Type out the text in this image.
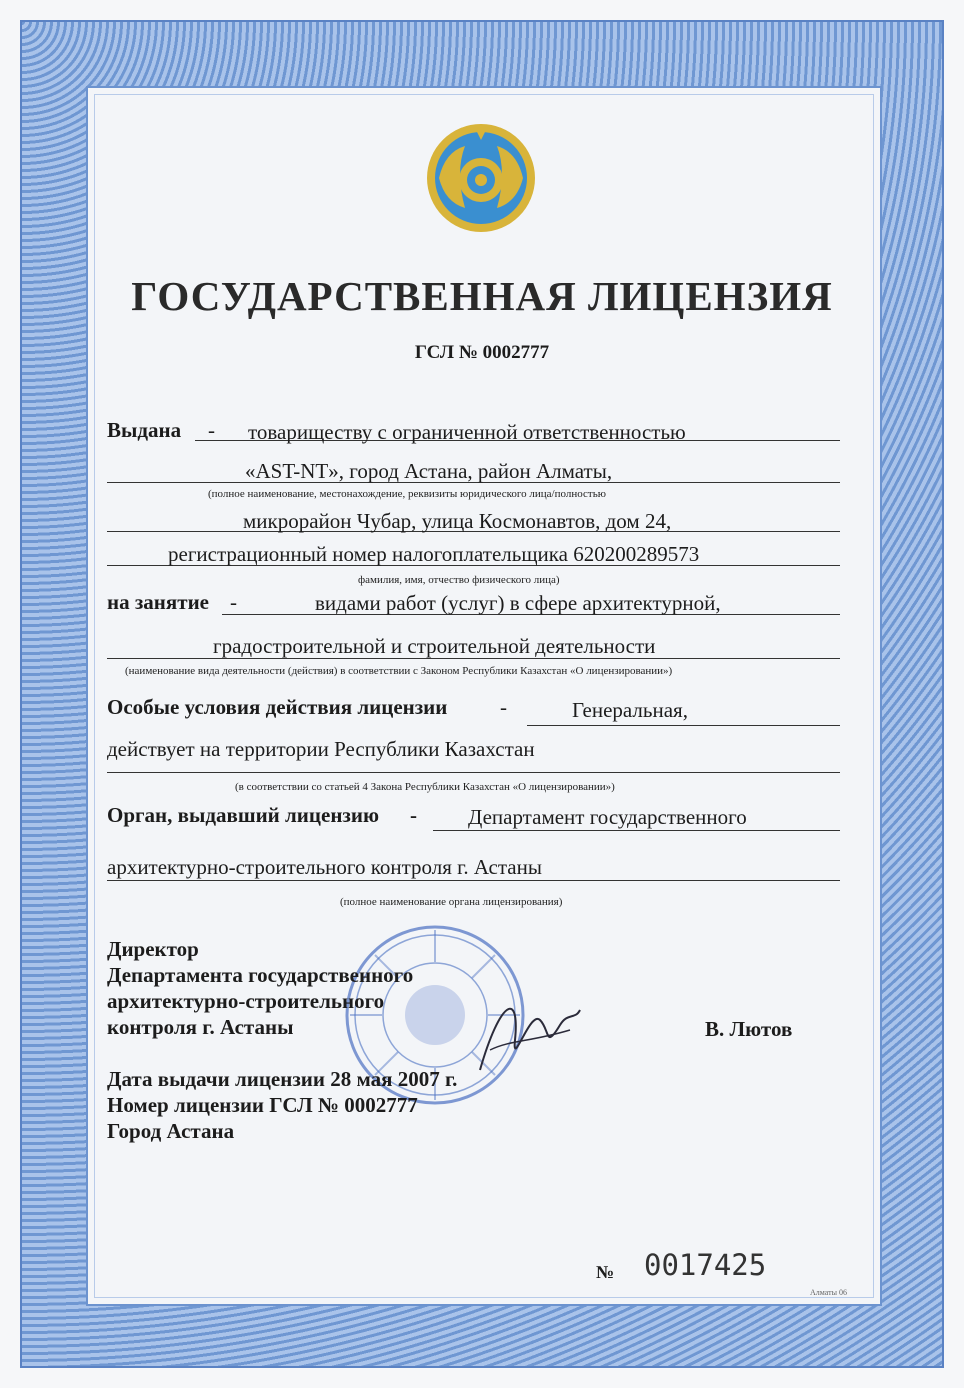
ГОСУДАРСТВЕННАЯ ЛИЦЕНЗИЯ
ГСЛ № 0002777
Выдана - товариществу с ограниченной ответственностью
«AST-NT», город Астана, район Алматы,
(полное наименование, местонахождение, реквизиты юридического лица/полностью
микрорайон Чубар, улица Космонавтов, дом 24,
регистрационный номер налогоплательщика 620200289573
фамилия, имя, отчество физического лица)
на занятие -	видами работ (услуг) в сфере архитектурной,
градостроительной и строительной деятельности
(наименование вида деятельности (действия) в соответствии с Законом Республики Казахстан «О лицензировании»)
Особые условия действия лицензии	-	Генеральная,
действует на территории Республики Казахстан
(в соответствии со статьей 4 Закона Республики Казахстан «О лицензировании»)
Орган, выдавший лицензию - Департамент государственного
архитектурно-строительного контроля г. Астаны
(полное наименование органа лицензирования)
Директор
Департамента государственного
архитектурно-строительного
контроля г. Астаны	В. Лютов
Дата выдачи лицензии 28 мая 2007 г.
Номер лицензии ГСЛ № 0002777
Город Астана
№ 0017425
Алматы 06
